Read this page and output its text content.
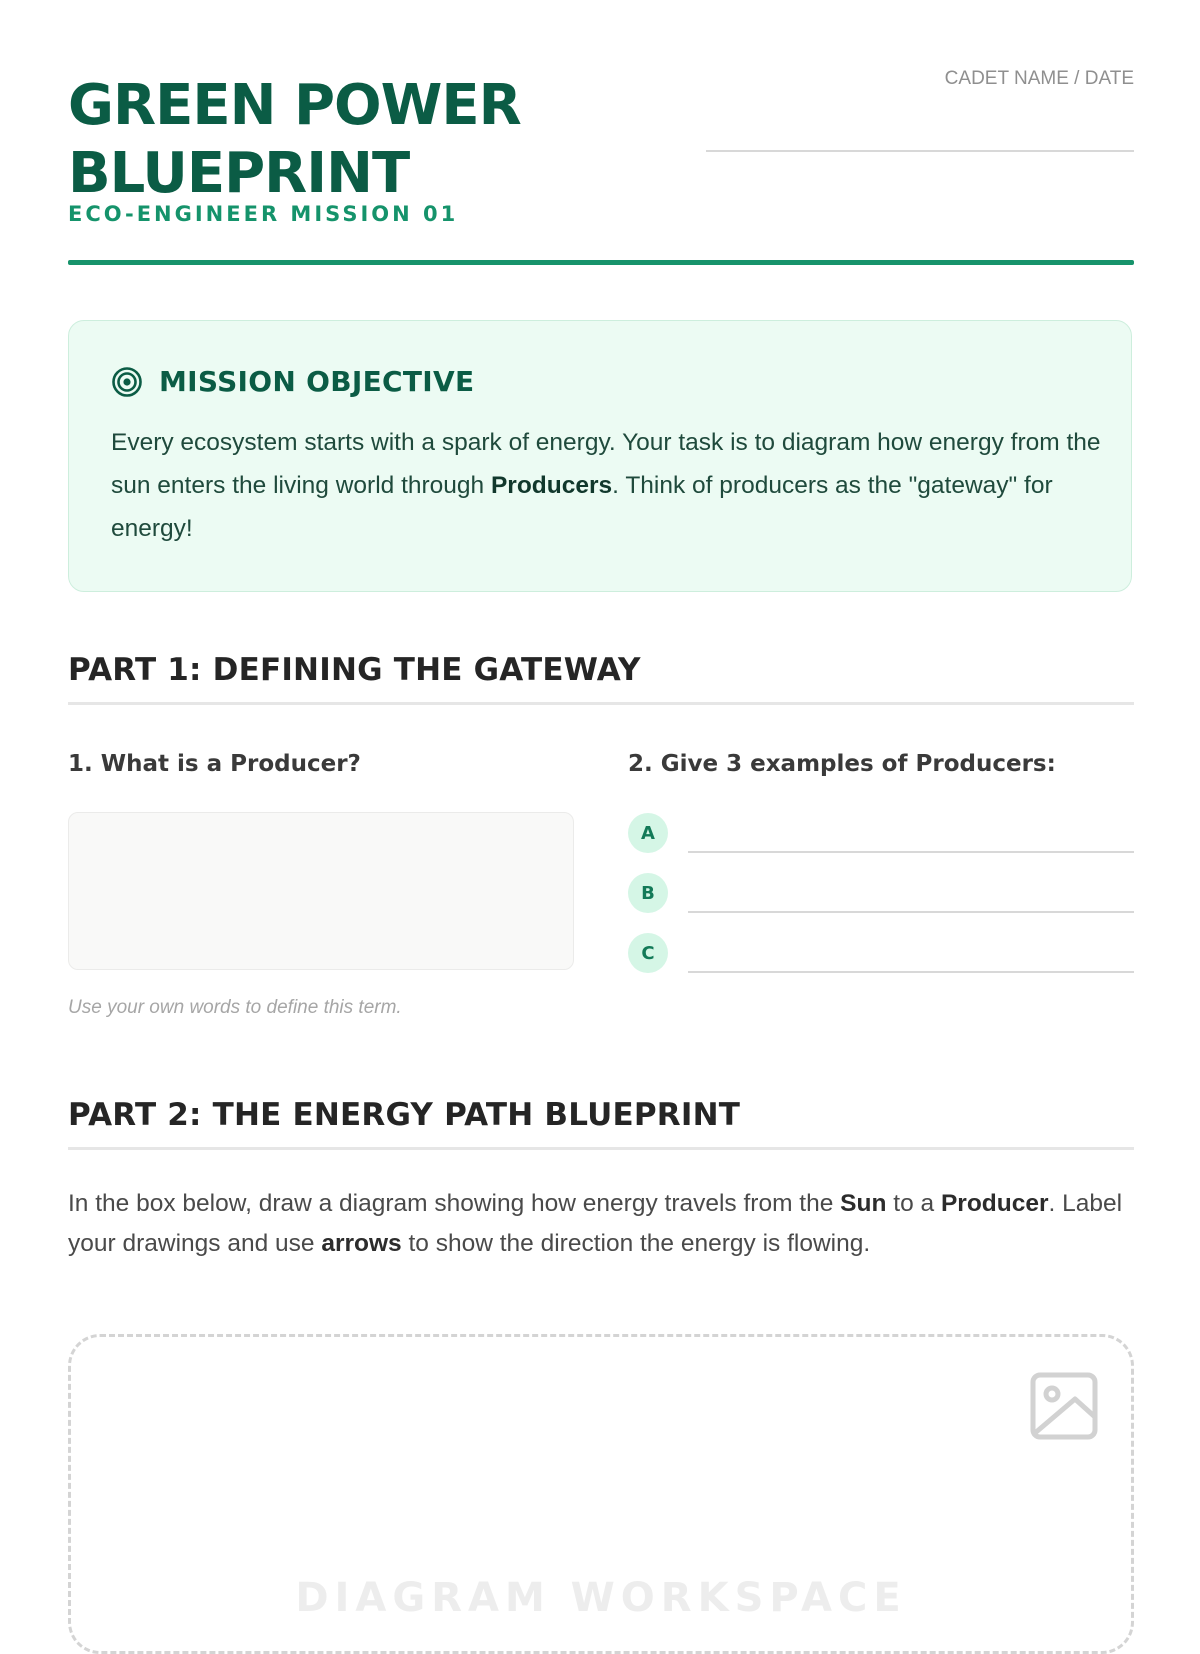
GREEN POWER BLUEPRINT
ECO-ENGINEER MISSION 01
CADET NAME / DATE
MISSION OBJECTIVE

Every ecosystem starts with a spark of energy. Your task is to diagram how energy from the sun enters the living world through Producers. Think of producers as the "gateway" for energy!

PART 1: DEFINING THE GATEWAY
1. What is a Producer?
Use your own words to define this term.
2. Give 3 examples of Producers:
A
B
C
PART 2: THE ENERGY PATH BLUEPRINT

In the box below, draw a diagram showing how energy travels from the Sun to a Producer. Label your drawings and use arrows to show the direction the energy is flowing.

DIAGRAM WORKSPACE
